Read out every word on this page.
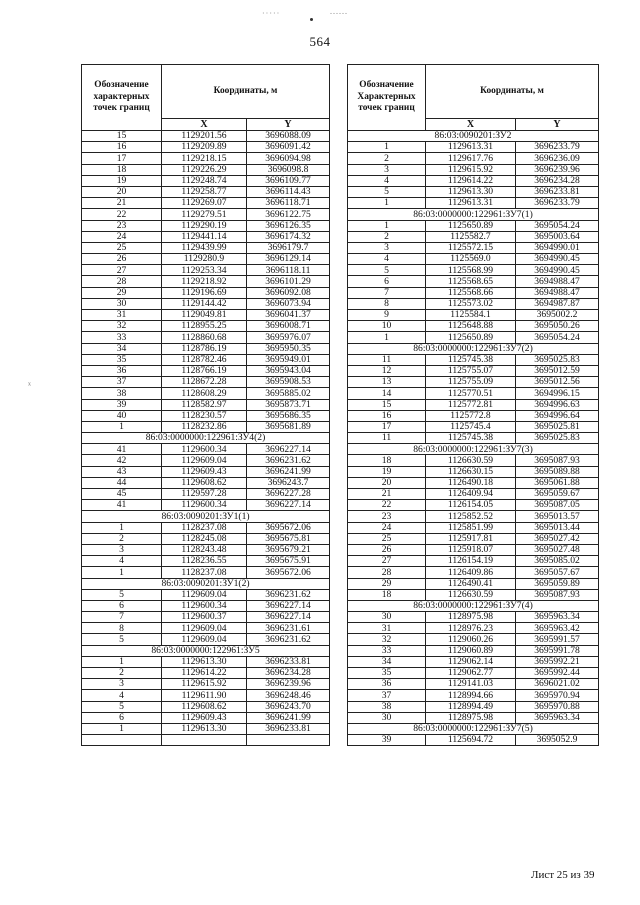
·····	∙∙∙∙∙∙
ˣ
564
Обозначение характерных точек границ	Координаты, м	
	X	Y
15	1129201.56	3696088.09
16	1129209.89	3696091.42
17	1129218.15	3696094.98
18	1129226.29	3696098.8
19	1129248.74	3696109.77
20	1129258.77	3696114.43
21	1129269.07	3696118.71
22	1129279.51	3696122.75
23	1129290.19	3696126.35
24	1129441.14	3696174.32
25	1129439.99	3696179.7
26	1129280.9	3696129.14
27	1129253.34	3696118.11
28	1129218.92	3696101.29
29	1129196.69	3696092.08
30	1129144.42	3696073.94
31	1129049.81	3696041.37
32	1128955.25	3696008.71
33	1128860.68	3695976.07
34	1128786.19	3695950.35
35	1128782.46	3695949.01
36	1128766.19	3695943.04
37	1128672.28	3695908.53
38	1128608.29	3695885.02
39	1128582.97	3695873.71
40	1128230.57	3695686.35
1	1128232.86	3695681.89
86:03:0000000:122961:ЗУ4(2)		
41	1129600.34	3696227.14
42	1129609.04	3696231.62
43	1129609.43	3696241.99
44	1129608.62	3696243.7
45	1129597.28	3696227.28
41	1129600.34	3696227.14
86:03:0090201:ЗУ1(1)		
1	1128237.08	3695672.06
2	1128245.08	3695675.81
3	1128243.48	3695679.21
4	1128236.55	3695675.91
1	1128237.08	3695672.06
86:03:0090201:ЗУ1(2)		
5	1129609.04	3696231.62
6	1129600.34	3696227.14
7	1129600.37	3696227.14
8	1129609.04	3696231.61
5	1129609.04	3696231.62
86:03:0000000:122961:ЗУ5		
1	1129613.30	3696233.81
2	1129614.22	3696234.28
3	1129615.92	3696239.96
4	1129611.90	3696248.46
5	1129608.62	3696243.70
6	1129609.43	3696241.99
1	1129613.30	3696233.81

Обозначение Характерных точек границ	Координаты, м	
	X	Y
86:03:0090201:ЗУ2		
1	1129613.31	3696233.79
2	1129617.76	3696236.09
3	1129615.92	3696239.96
4	1129614.22	3696234.28
5	1129613.30	3696233.81
1	1129613.31	3696233.79
86:03:0000000:122961:ЗУ7(1)		
1	1125650.89	3695054.24
2	1125582.7	3695003.64
3	1125572.15	3694990.01
4	1125569.0	3694990.45
5	1125568.99	3694990.45
6	1125568.65	3694988.47
7	1125568.66	3694988.47
8	1125573.02	3694987.87
9	1125584.1	3695002.2
10	1125648.88	3695050.26
1	1125650.89	3695054.24
86:03:0000000:122961:ЗУ7(2)		
11	1125745.38	3695025.83
12	1125755.07	3695012.59
13	1125755.09	3695012.56
14	1125770.51	3694996.15
15	1125772.81	3694996.63
16	1125772.8	3694996.64
17	1125745.4	3695025.81
11	1125745.38	3695025.83
86:03:0000000:122961:ЗУ7(3)		
18	1126630.59	3695087.93
19	1126630.15	3695089.88
20	1126490.18	3695061.88
21	1126409.94	3695059.67
22	1126154.05	3695087.05
23	1125852.52	3695013.57
24	1125851.99	3695013.44
25	1125917.81	3695027.42
26	1125918.07	3695027.48
27	1126154.19	3695085.02
28	1126409.86	3695057.67
29	1126490.41	3695059.89
18	1126630.59	3695087.93
86:03:0000000:122961:ЗУ7(4)		
30	1128975.98	3695963.34
31	1128976.23	3695963.42
32	1129060.26	3695991.57
33	1129060.89	3695991.78
34	1129062.14	3695992.21
35	1129062.77	3695992.44
36	1129141.03	3696021.02
37	1128994.66	3695970.94
38	1128994.49	3695970.88
30	1128975.98	3695963.34
86:03:0000000:122961:ЗУ7(5)		
39	1125694.72	3695052.9
Лист 25 из 39
